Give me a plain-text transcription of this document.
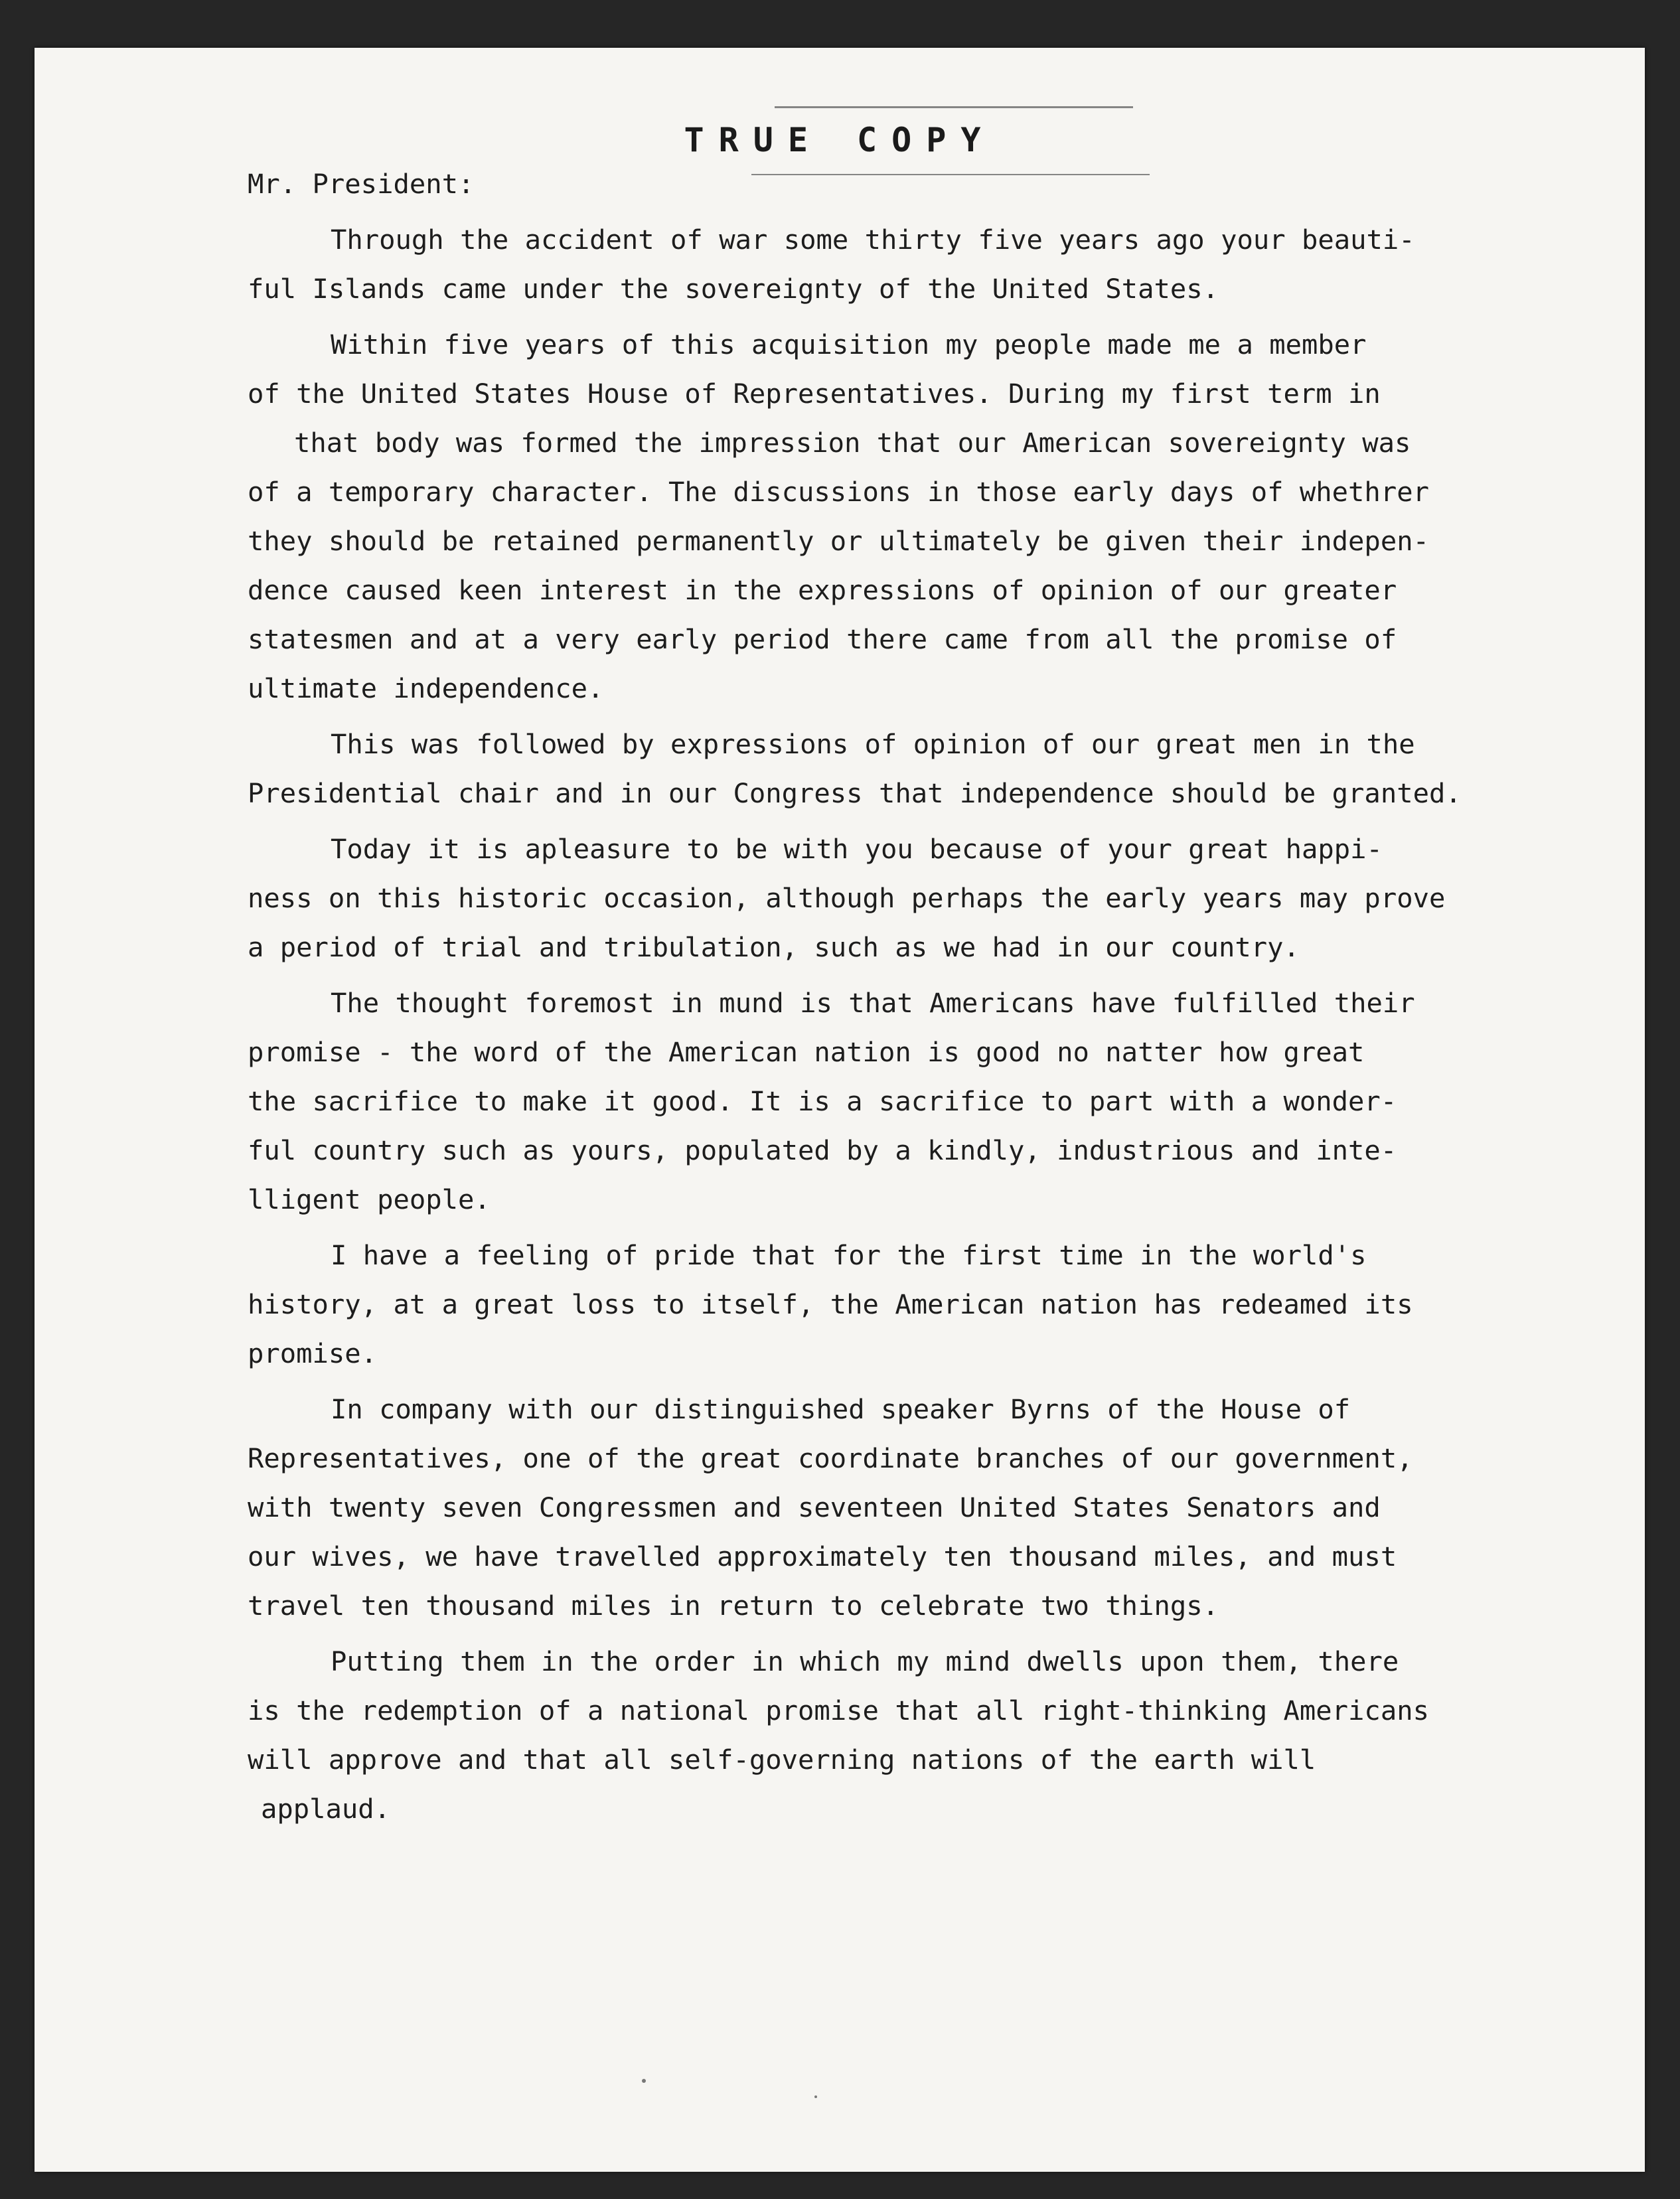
TRUE COPY
Mr. President:
Through the accident of war some thirty five years ago your beauti-
ful Islands came under the sovereignty of the United States.
Within five years of this acquisition my people made me a member
of the United States House of Representatives. During my first term in
that body was formed the impression that our American sovereignty was
of a temporary character. The discussions in those early days of whethrer
they should be retained permanently or ultimately be given their indepen-
dence caused keen interest in the expressions of opinion of our greater
statesmen and at a very early period there came from all the promise of
ultimate independence.
This was followed by expressions of opinion of our great men in the
Presidential chair and in our Congress that independence should be granted.
Today it is apleasure to be with you because of your great happi-
ness on this historic occasion, although perhaps the early years may prove
a period of trial and tribulation, such as we had in our country.
The thought foremost in mund is that Americans have fulfilled their
promise - the word of the American nation is good no natter how great
the sacrifice to make it good. It is a sacrifice to part with a wonder-
ful country such as yours, populated by a kindly, industrious and inte-
lligent people.
I have a feeling of pride that for the first time in the world's
history, at a great loss to itself, the American nation has redeamed its
promise.
In company with our distinguished speaker Byrns of the House of
Representatives, one of the great coordinate branches of our government,
with twenty seven Congressmen and seventeen United States Senators and
our wives, we have travelled approximately ten thousand miles, and must
travel ten thousand miles in return to celebrate two things.
Putting them in the order in which my mind dwells upon them, there
is the redemption of a national promise that all right-thinking Americans
will approve and that all self-governing nations of the earth will
applaud.
